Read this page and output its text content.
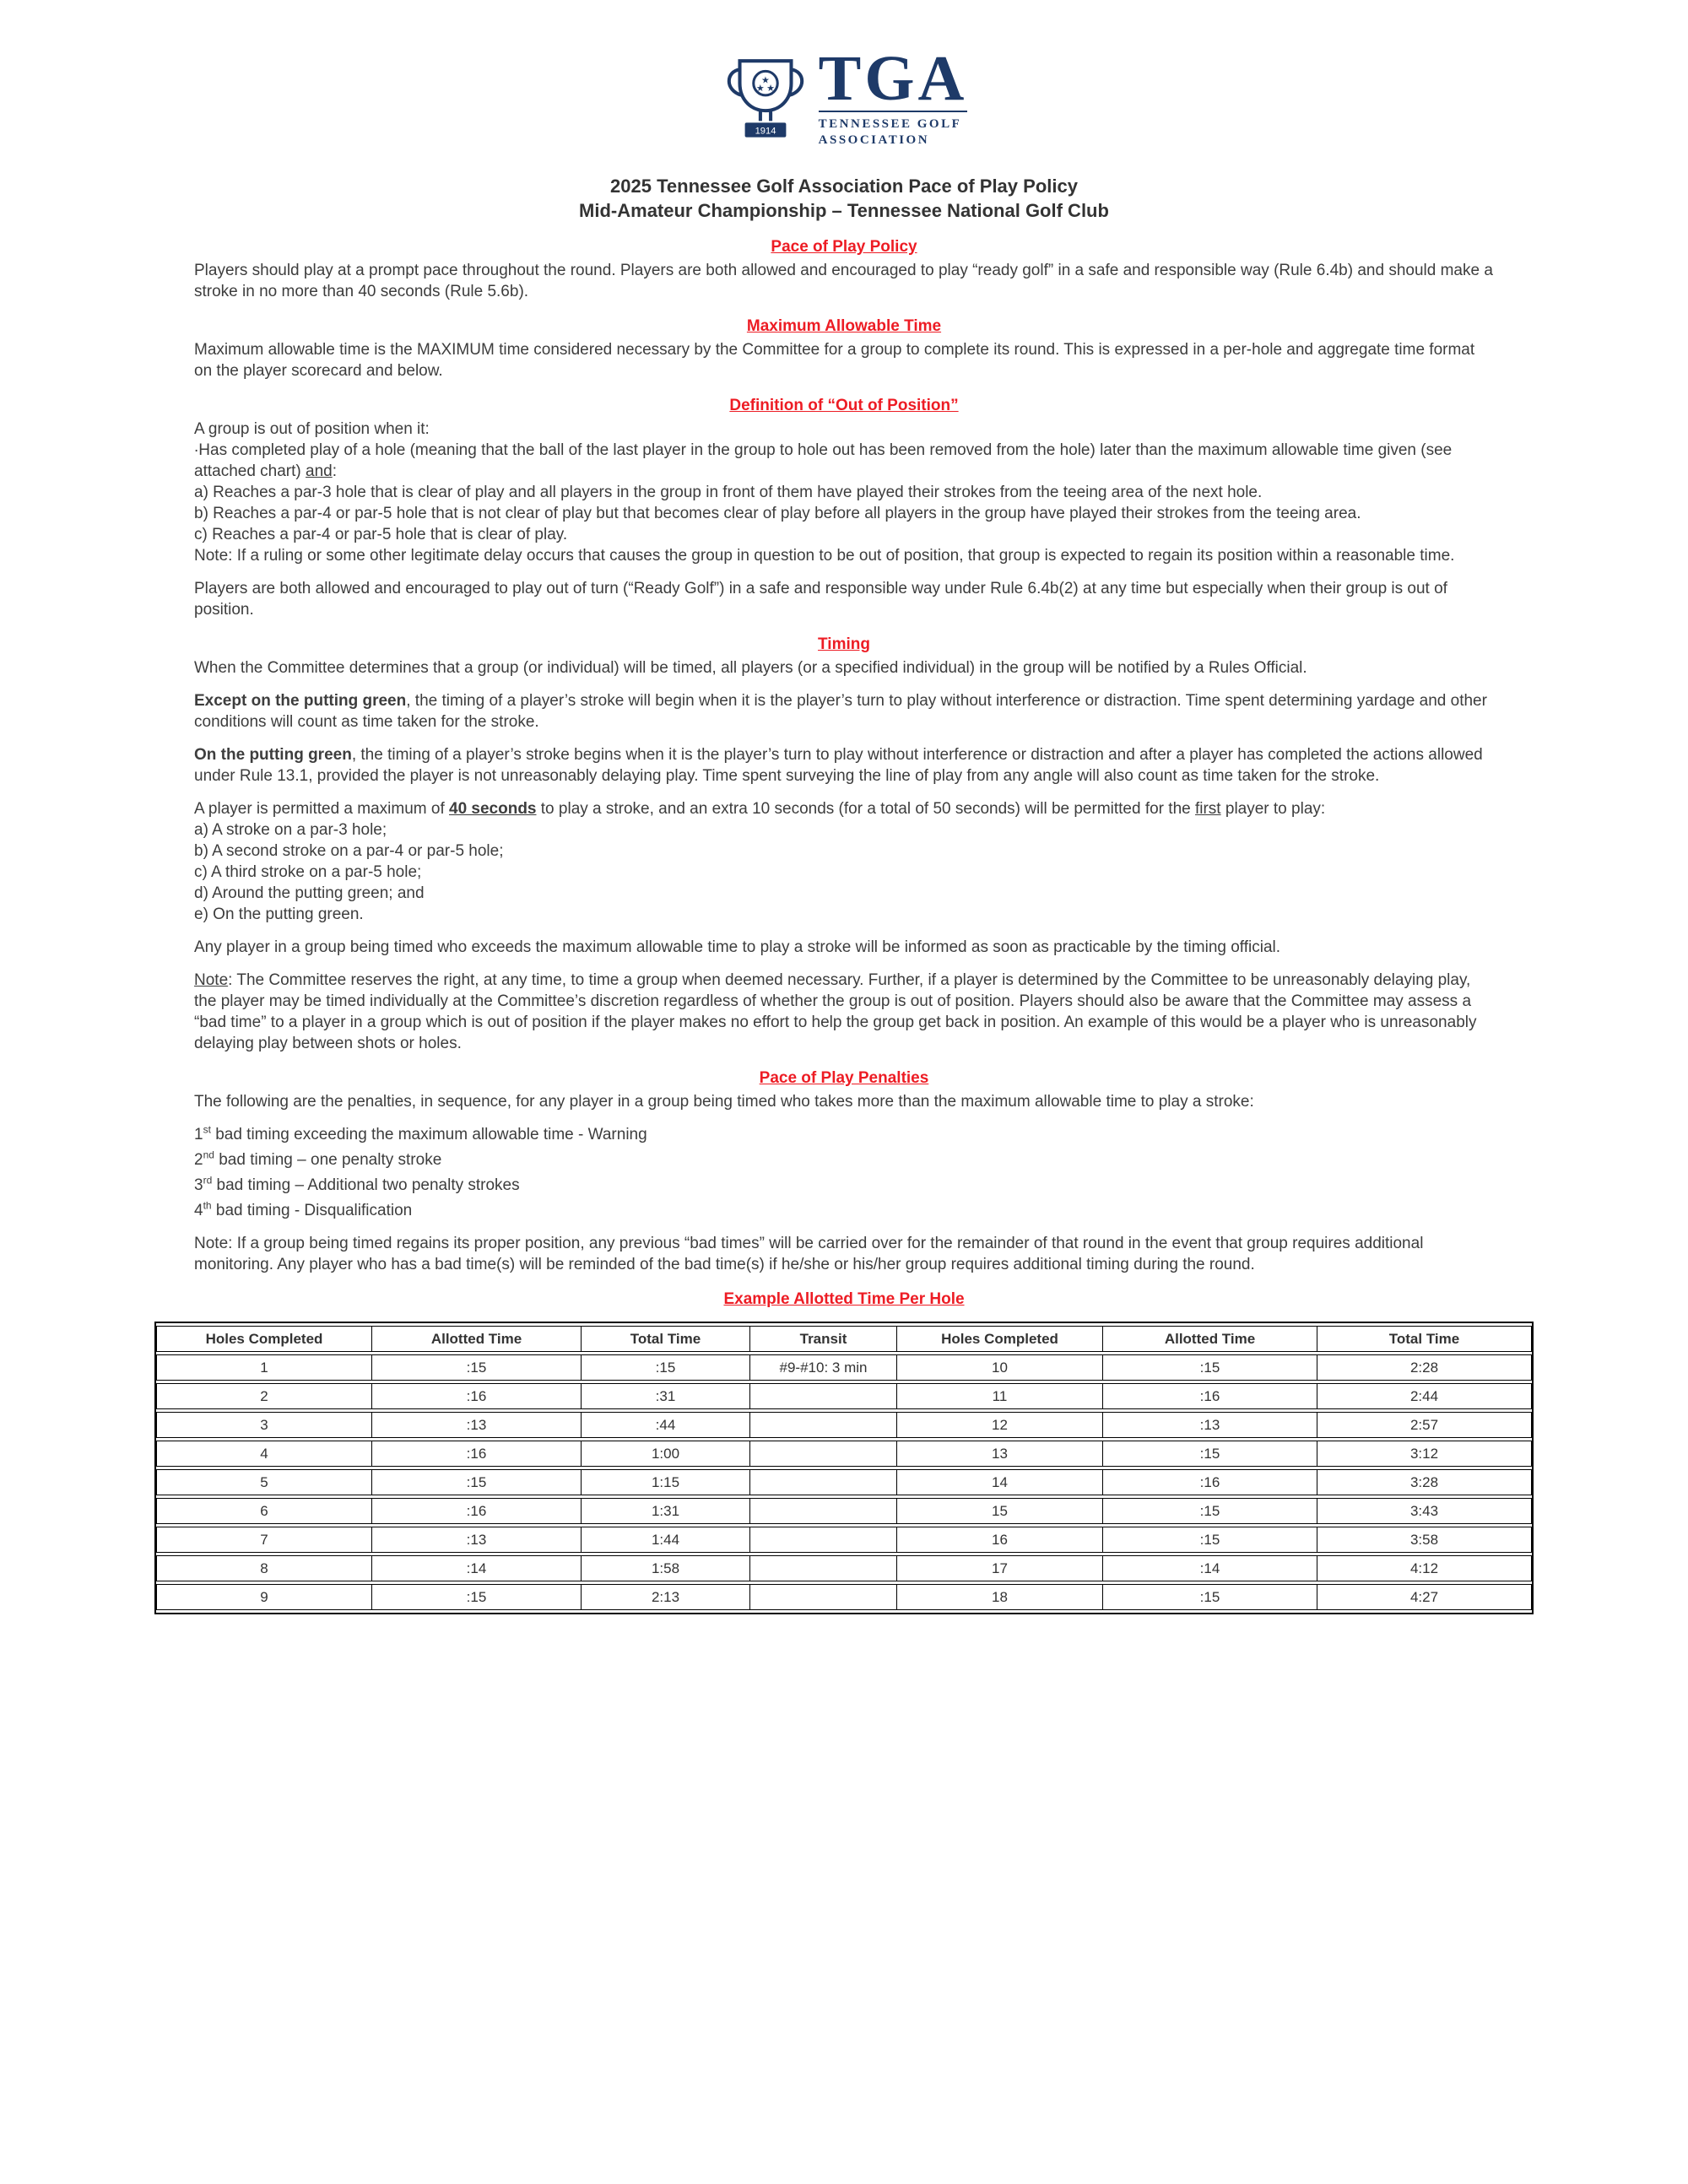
★
★ ★
1914
TGA
TENNESSEE GOLF
ASSOCIATION
2025 Tennessee Golf Association Pace of Play Policy
Mid-Amateur Championship – Tennessee National Golf Club
Pace of Play Policy

Players should play at a prompt pace throughout the round. Players are both allowed and encouraged to play “ready golf” in a safe and responsible way (Rule 6.4b) and should make a stroke in no more than 40 seconds (Rule 5.6b).

Maximum Allowable Time

Maximum allowable time is the MAXIMUM time considered necessary by the Committee for a group to complete its round. This is expressed in a per-hole and aggregate time format on the player scorecard and below.

Definition of “Out of Position”

A group is out of position when it:

∙Has completed play of a hole (meaning that the ball of the last player in the group to hole out has been removed from the hole) later than the maximum allowable time given (see attached chart) and:

a) Reaches a par-3 hole that is clear of play and all players in the group in front of them have played their strokes from the teeing area of the next hole.

b) Reaches a par-4 or par-5 hole that is not clear of play but that becomes clear of play before all players in the group have played their strokes from the teeing area.

c) Reaches a par-4 or par-5 hole that is clear of play.

Note: If a ruling or some other legitimate delay occurs that causes the group in question to be out of position, that group is expected to regain its position within a reasonable time.

Players are both allowed and encouraged to play out of turn (“Ready Golf”) in a safe and responsible way under Rule 6.4b(2) at any time but especially when their group is out of position.

Timing

When the Committee determines that a group (or individual) will be timed, all players (or a specified individual) in the group will be notified by a Rules Official.

Except on the putting green, the timing of a player’s stroke will begin when it is the player’s turn to play without interference or distraction. Time spent determining yardage and other conditions will count as time taken for the stroke.

On the putting green, the timing of a player’s stroke begins when it is the player’s turn to play without interference or distraction and after a player has completed the actions allowed under Rule 13.1, provided the player is not unreasonably delaying play. Time spent surveying the line of play from any angle will also count as time taken for the stroke.

A player is permitted a maximum of 40 seconds to play a stroke, and an extra 10 seconds (for a total of 50 seconds) will be permitted for the first player to play:

a) A stroke on a par-3 hole;

b) A second stroke on a par-4 or par-5 hole;

c) A third stroke on a par-5 hole;

d) Around the putting green; and

e) On the putting green.

Any player in a group being timed who exceeds the maximum allowable time to play a stroke will be informed as soon as practicable by the timing official.

Note: The Committee reserves the right, at any time, to time a group when deemed necessary. Further, if a player is determined by the Committee to be unreasonably delaying play, the player may be timed individually at the Committee’s discretion regardless of whether the group is out of position. Players should also be aware that the Committee may assess a “bad time” to a player in a group which is out of position if the player makes no effort to help the group get back in position. An example of this would be a player who is unreasonably delaying play between shots or holes.

Pace of Play Penalties

The following are the penalties, in sequence, for any player in a group being timed who takes more than the maximum allowable time to play a stroke:

1st bad timing exceeding the maximum allowable time - Warning

2nd bad timing – one penalty stroke

3rd bad timing – Additional two penalty strokes

4th bad timing - Disqualification

Note: If a group being timed regains its proper position, any previous “bad times” will be carried over for the remainder of that round in the event that group requires additional monitoring. Any player who has a bad time(s) will be reminded of the bad time(s) if he/she or his/her group requires additional timing during the round.

Example Allotted Time Per Hole
Holes Completed	Allotted Time	Total Time	Transit	Holes Completed	Allotted Time	Total Time
1	:15	:15	#9-#10: 3 min	10	:15	2:28
2	:16	:31		11	:16	2:44
3	:13	:44		12	:13	2:57
4	:16	1:00		13	:15	3:12
5	:15	1:15		14	:16	3:28
6	:16	1:31		15	:15	3:43
7	:13	1:44		16	:15	3:58
8	:14	1:58		17	:14	4:12
9	:15	2:13		18	:15	4:27
